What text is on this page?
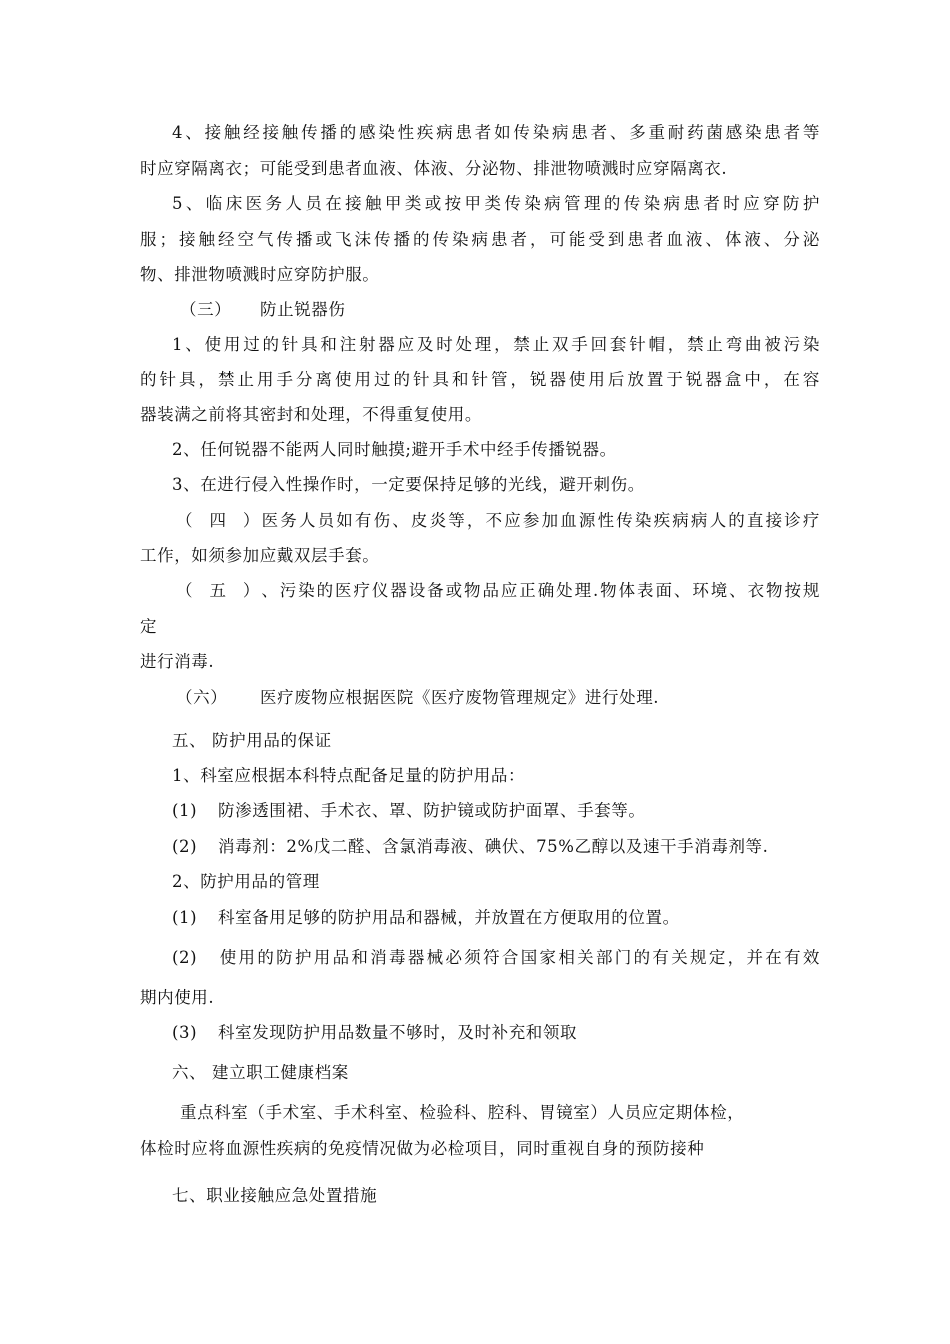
4、接触经接触传播的感染性疾病患者如传染病患者、多重耐药菌感染患者等
时应穿隔离衣；可能受到患者血液、体液、分泌物、排泄物喷溅时应穿隔离衣.
5、临床医务人员在接触甲类或按甲类传染病管理的传染病患者时应穿防护
服；接触经空气传播或飞沫传播的传染病患者，可能受到患者血液、体液、分泌
物、排泄物喷溅时应穿防护服。
（三） 防止锐器伤
1、使用过的针具和注射器应及时处理，禁止双手回套针帽，禁止弯曲被污染
的针具，禁止用手分离使用过的针具和针管，锐器使用后放置于锐器盒中，在容
器装满之前将其密封和处理，不得重复使用。
2、任何锐器不能两人同时触摸;避开手术中经手传播锐器。
3、在进行侵入性操作时，一定要保持足够的光线，避开刺伤。
（四）医务人员如有伤、皮炎等，不应参加血源性传染疾病病人的直接诊疗
工作，如须参加应戴双层手套。
（五）、污染的医疗仪器设备或物品应正确处理.物体表面、环境、衣物按规
定
进行消毒.
（六） 医疗废物应根据医院《医疗废物管理规定》进行处理.
五、 防护用品的保证
1、科室应根据本科特点配备足量的防护用品：
(1) 防渗透围裙、手术衣、罩、防护镜或防护面罩、手套等。
(2) 消毒剂：2%戊二醛、含氯消毒液、碘伏、75%乙醇以及速干手消毒剂等.
2、防护用品的管理
(1) 科室备用足够的防护用品和器械，并放置在方便取用的位置。
(2) 使用的防护用品和消毒器械必须符合国家相关部门的有关规定，并在有效
期内使用.
(3) 科室发现防护用品数量不够时，及时补充和领取
六、 建立职工健康档案
重点科室（手术室、手术科室、检验科、腔科、胃镜室）人员应定期体检，
体检时应将血源性疾病的免疫情况做为必检项目，同时重视自身的预防接种
七、职业接触应急处置措施
